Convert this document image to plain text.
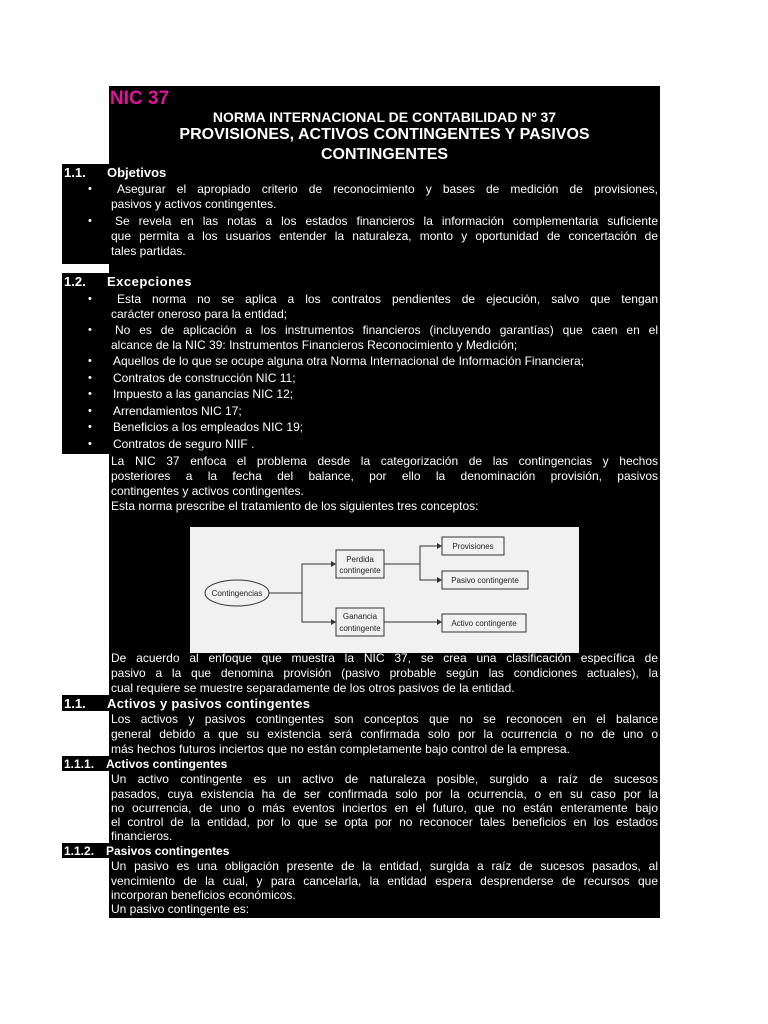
NIC 37
NORMA INTERNACIONAL DE CONTABILIDAD Nº 37
PROVISIONES, ACTIVOS CONTINGENTES Y PASIVOS
CONTINGENTES
1.1. Objetivos
• Asegurar el apropiado criterio de reconocimiento y bases de medición de provisiones,
pasivos y activos contingentes.
• Se revela en las notas a los estados financieros la información complementaria suficiente
que permita a los usuarios entender la naturaleza, monto y oportunidad de concertación de
tales partidas.
1.2. Excepciones
• Esta norma no se aplica a los contratos pendientes de ejecución, salvo que tengan
carácter oneroso para la entidad;
• No es de aplicación a los instrumentos financieros (incluyendo garantías) que caen en el
alcance de la NIC 39: Instrumentos Financieros Reconocimiento y Medición;
• Aquellos de lo que se ocupe alguna otra Norma Internacional de Información Financiera;
• Contratos de construcción NIC 11;
• Impuesto a las ganancias NIC 12;
• Arrendamientos NIC 17;
• Beneficios a los empleados NIC 19;
• Contratos de seguro NIIF .
La NIC 37 enfoca el problema desde la categorización de las contingencias y hechos
posteriores a la fecha del balance, por ello la denominación provisión, pasivos
contingentes y activos contingentes.
Esta norma prescribe el tratamiento de los siguientes tres conceptos:
Contingencias
Perdida
contingente
Ganancia
contingente
Provisiones
Pasivo contingente
Activo contingente
De acuerdo al enfoque que muestra la NIC 37, se crea una clasificación específica de
pasivo a la que denomina provisión (pasivo probable según las condiciones actuales), la
cual requiere se muestre separadamente de los otros pasivos de la entidad.
1.1. Activos y pasivos contingentes
Los activos y pasivos contingentes son conceptos que no se reconocen en el balance
general debido a que su existencia será confirmada solo por la ocurrencia o no de uno o
más hechos futuros inciertos que no están completamente bajo control de la empresa.
1.1.1. Activos contingentes
Un activo contingente es un activo de naturaleza posible, surgido a raíz de sucesos
pasados, cuya existencia ha de ser confirmada solo por la ocurrencia, o en su caso por la
no ocurrencia, de uno o más eventos inciertos en el futuro, que no están enteramente bajo
el control de la entidad, por lo que se opta por no reconocer tales beneficios en los estados
financieros.
1.1.2. Pasivos contingentes
Un pasivo es una obligación presente de la entidad, surgida a raíz de sucesos pasados, al
vencimiento de la cual, y para cancelarla, la entidad espera desprenderse de recursos que
incorporan beneficios económicos.
Un pasivo contingente es:
